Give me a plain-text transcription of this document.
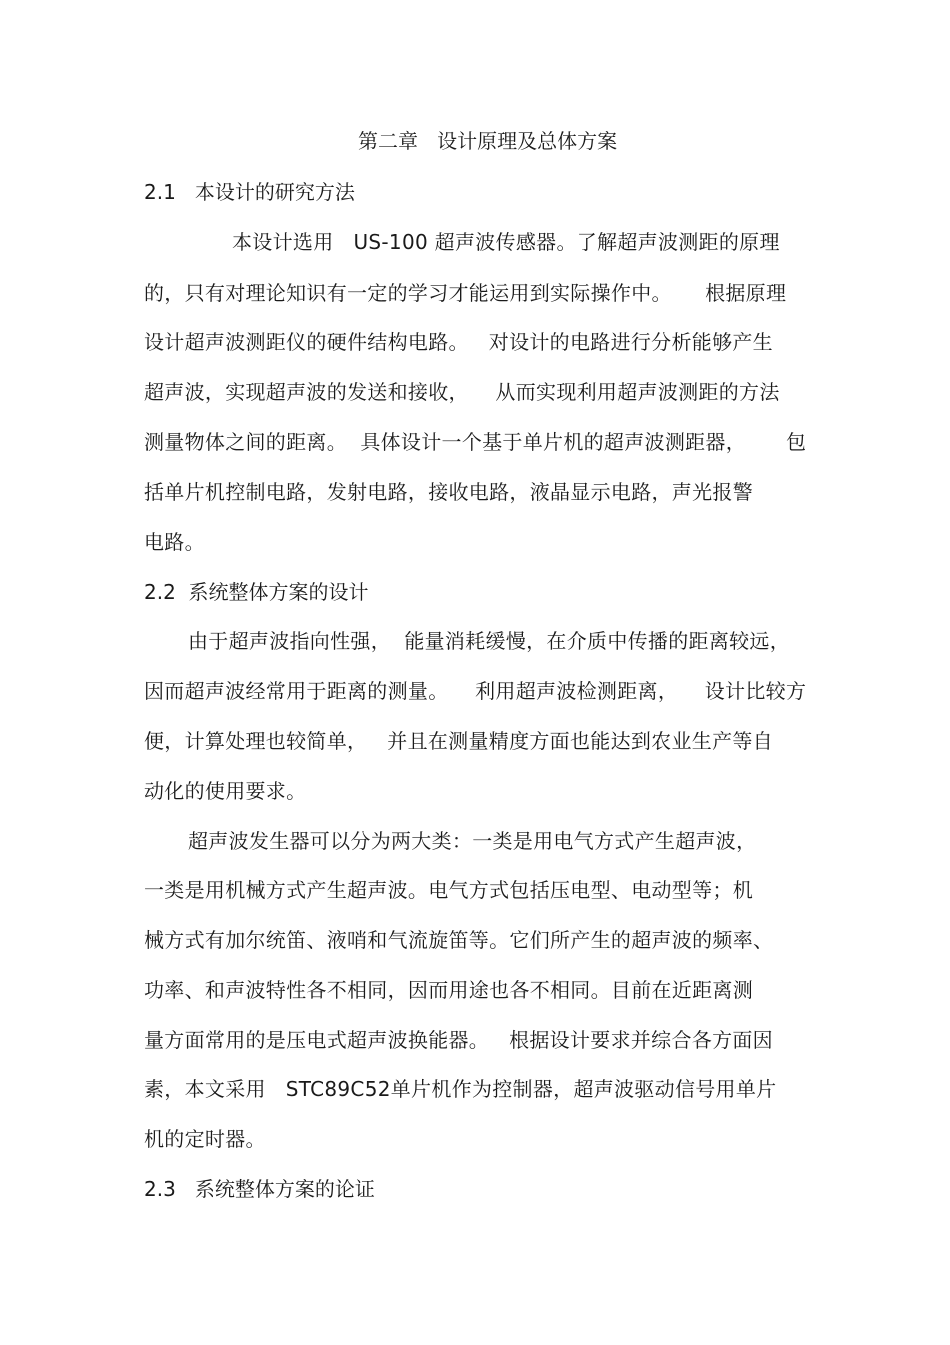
第二章   设计原理及总体方案
2.1   本设计的研究方法
本设计选用   US-100 超声波传感器。了解超声波测距的原理
的，只有对理论知识有一定的学习才能运用到实际操作中。     根据原理
设计超声波测距仪的硬件结构电路。   对设计的电路进行分析能够产生
超声波，实现超声波的发送和接收，    从而实现利用超声波测距的方法
测量物体之间的距离。  具体设计一个基于单片机的超声波测距器，      包
括单片机控制电路，发射电路，接收电路，液晶显示电路，声光报警
电路。
2.2  系统整体方案的设计
由于超声波指向性强，  能量消耗缓慢，在介质中传播的距离较远，
因而超声波经常用于距离的测量。    利用超声波检测距离，    设计比较方
便，计算处理也较简单，   并且在测量精度方面也能达到农业生产等自
动化的使用要求。
超声波发生器可以分为两大类：一类是用电气方式产生超声波，
一类是用机械方式产生超声波。电气方式包括压电型、电动型等；机
械方式有加尔统笛、液哨和气流旋笛等。它们所产生的超声波的频率、
功率、和声波特性各不相同，因而用途也各不相同。目前在近距离测
量方面常用的是压电式超声波换能器。   根据设计要求并综合各方面因
素，本文采用   STC89C52单片机作为控制器，超声波驱动信号用单片
机的定时器。
2.3   系统整体方案的论证
